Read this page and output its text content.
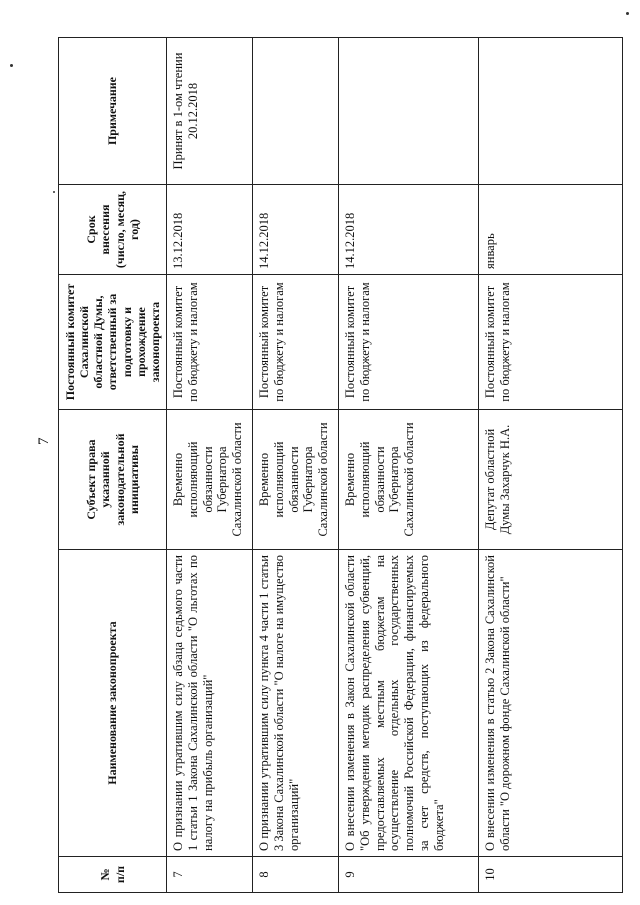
7
№ п/п	Наименование законопроекта	Субъект права указанной законодательной инициативы	Постоянный комитет Сахалинской областной Думы, ответственный за подготовку и прохождение законопроекта	Срок внесения (число, месяц, год)	Примечание
7	О признании утратившим силу абзаца седьмого части 1 статьи 1 Закона Сахалинской области "О льготах по налогу на прибыль организаций"	Временно исполняющий обязанности Губернатора Сахалинской области	Постоянный комитет по бюджету и налогам	13.12.2018	Принят в 1-ом чтении 20.12.2018
8	О признании утратившим силу пункта 4 части 1 статьи 3 Закона Сахалинской области "О налоге на имущество организаций"	Временно исполняющий обязанности Губернатора Сахалинской области	Постоянный комитет по бюджету и налогам	14.12.2018	
9	О внесении изменения в Закон Сахалинской области "Об утверждении методик распределения субвенций, предоставляемых местным бюджетам на осуществление отдельных государственных полномочий Российской Федерации, финансируемых за счет средств, поступающих из федерального бюджета"	Временно исполняющий обязанности Губернатора Сахалинской области	Постоянный комитет по бюджету и налогам	14.12.2018	
10	О внесении изменения в статью 2 Закона Сахалинской области "О дорожном фонде Сахалинской области"	Депутат областной Думы Захарчук Н.А.	Постоянный комитет по бюджету и налогам	январь	
